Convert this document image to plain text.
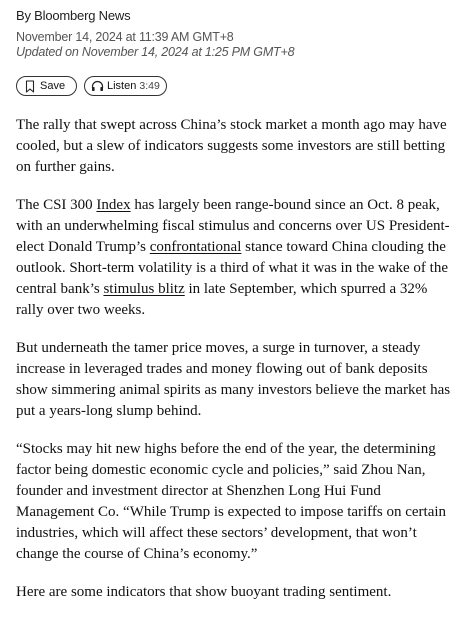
By Bloomberg News
November 14, 2024 at 11:39 AM GMT+8
Updated on November 14, 2024 at 1:25 PM GMT+8
Save	Listen 3:49

The rally that swept across China’s stock market a month ago may have cooled, but a slew of indicators suggests some investors are still betting on further gains.

The CSI 300 Index has largely been range-bound since an Oct. 8 peak, with an underwhelming fiscal stimulus and concerns over US President-elect Donald Trump’s confrontational stance toward China clouding the outlook. Short-term volatility is a third of what it was in the wake of the central bank’s stimulus blitz in late September, which spurred a 32% rally over two weeks.

But underneath the tamer price moves, a surge in turnover, a steady increase in leveraged trades and money flowing out of bank deposits show simmering animal spirits as many investors believe the market has put a years-long slump behind.

“Stocks may hit new highs before the end of the year, the determining factor being domestic economic cycle and policies,” said Zhou Nan, founder and investment director at Shenzhen Long Hui Fund Management Co. “While Trump is expected to impose tariffs on certain industries, which will affect these sectors’ development, that won’t change the course of China’s economy.”

Here are some indicators that show buoyant trading sentiment.
